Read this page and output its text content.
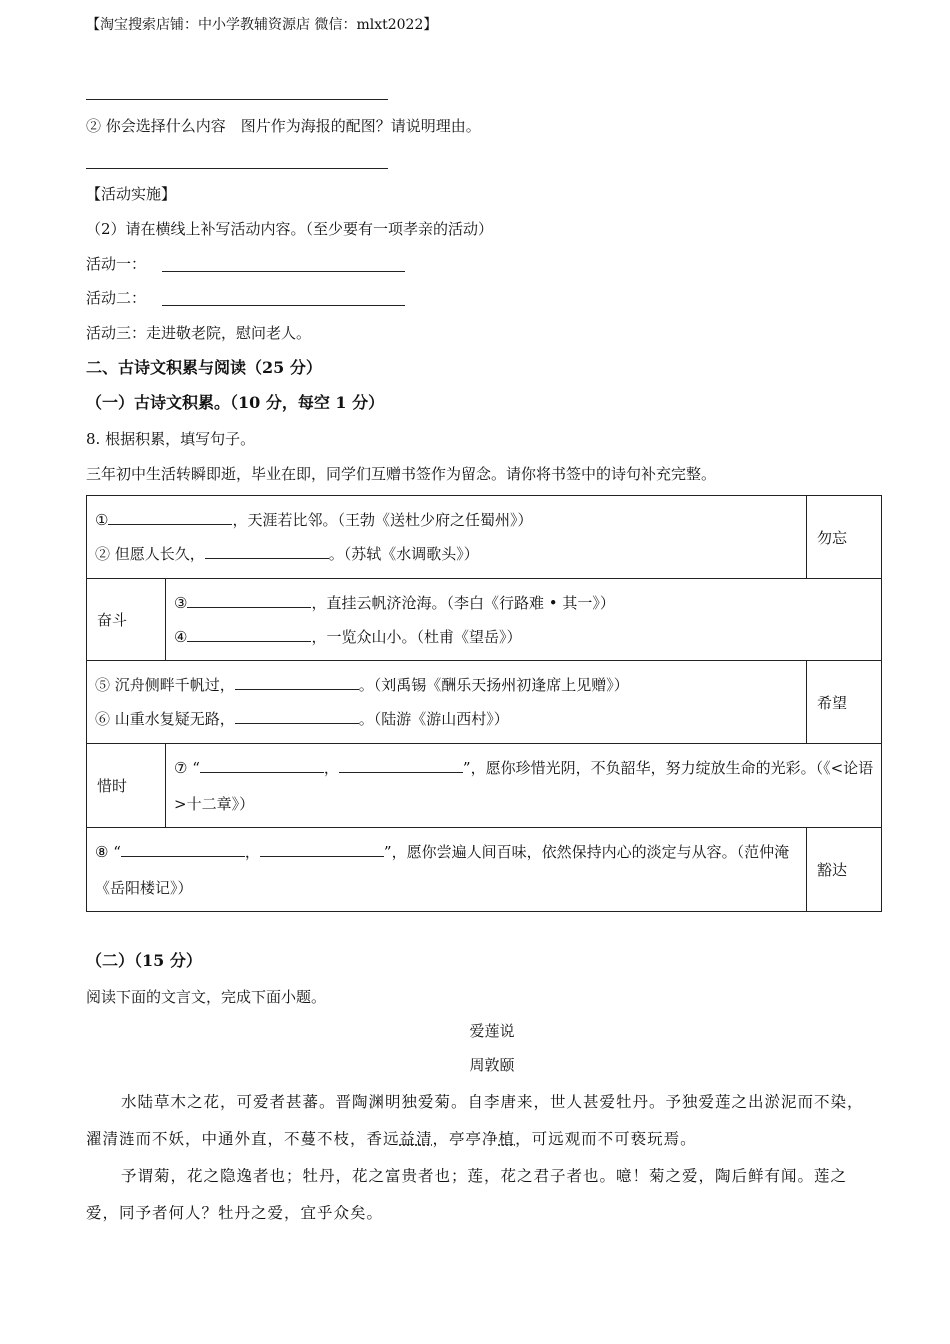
【淘宝搜索店铺：中小学教辅资源店 微信：mlxt2022】
② 你会选择什么内容　图片作为海报的配图？请说明理由。
【活动实施】
（2）请在横线上补写活动内容。（至少要有一项孝亲的活动）
活动一：
活动二：
活动三：走进敬老院，慰问老人。
二、古诗文积累与阅读（25 分）
（一）古诗文积累。（10 分，每空 1 分）
8. 根据积累，填写句子。
三年初中生活转瞬即逝，毕业在即，同学们互赠书签作为留念。请你将书签中的诗句补充完整。
① ，天涯若比邻。（王勃《送杜少府之任蜀州》）
② 但愿人长久， 。（苏轼《水调歌头》）		勿忘
奋斗	③ ，直挂云帆济沧海。（李白《行路难 • 其一》）
④ ，一览众山小。（杜甫《望岳》）	

⑤ 沉舟侧畔千帆过， 。（刘禹锡《酬乐天扬州初逢席上见赠》）
⑥ 山重水复疑无路， 。（陆游《游山西村》）		希望
惜时	⑦ “ ， ”，愿你珍惜光阴，不负韶华，努力绽放生命的光彩。（《<论语>十二章》）	

⑧ “ ， ”，愿你尝遍人间百味，依然保持内心的淡定与从容。（范仲淹《岳阳楼记》）		豁达
（二）（15 分）
阅读下面的文言文，完成下面小题。
爱莲说
周敦颐
水陆草木之花，可爱者甚蕃。晋陶渊明独爱菊。自李唐来，世人甚爱牡丹。予独爱莲之出淤泥而不染，
濯清涟而不妖，中通外直，不蔓不枝，香远益清，亭亭净植，可远观而不可亵玩焉。
予谓菊，花之隐逸者也；牡丹，花之富贵者也；莲，花之君子者也。噫！菊之爱，陶后鲜有闻。莲之
爱，同予者何人？牡丹之爱，宜乎众矣。
